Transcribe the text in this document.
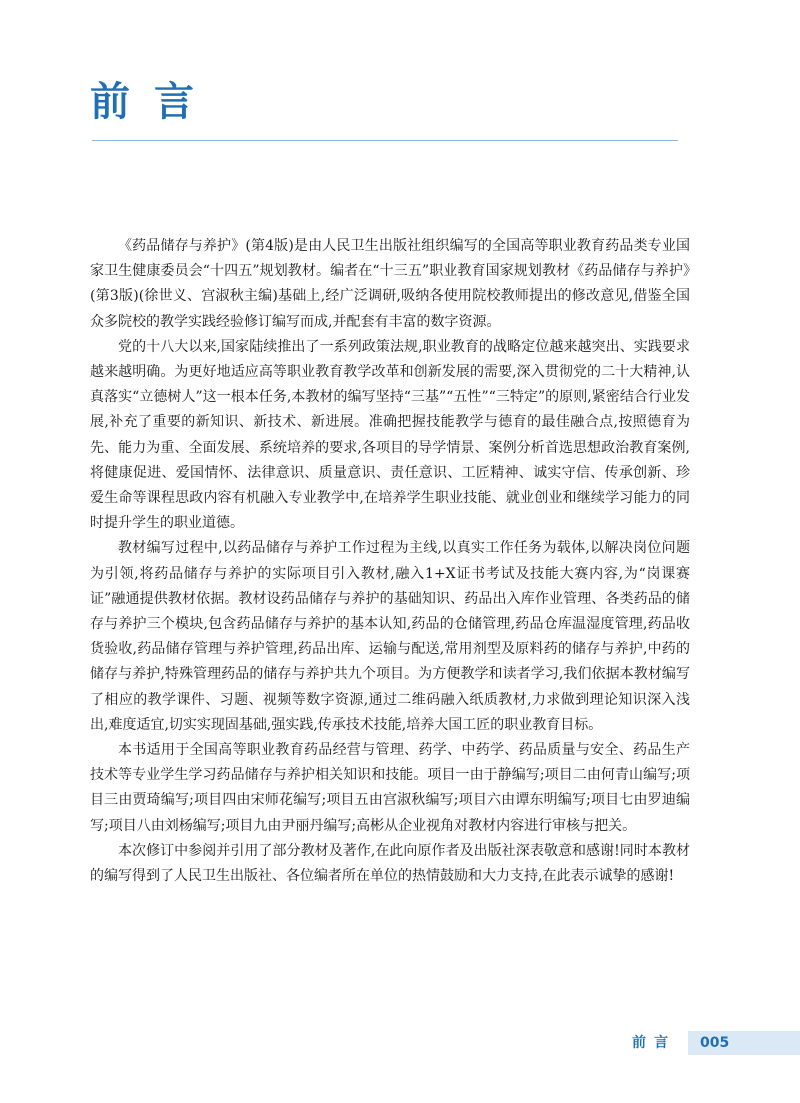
前言

《药品储存与养护》(第4版)是由人民卫生出版社组织编写的全国高等职业教育药品类专业国家卫生健康委员会“十四五”规划教材。编者在“十三五”职业教育国家规划教材《药品储存与养护》(第3版)(徐世义、宫淑秋主编)基础上,经广泛调研,吸纳各使用院校教师提出的修改意见,借鉴全国众多院校的教学实践经验修订编写而成,并配套有丰富的数字资源。

党的十八大以来,国家陆续推出了一系列政策法规,职业教育的战略定位越来越突出、实践要求越来越明确。为更好地适应高等职业教育教学改革和创新发展的需要,深入贯彻党的二十大精神,认真落实“立德树人”这一根本任务,本教材的编写坚持“三基”“五性”“三特定”的原则,紧密结合行业发展,补充了重要的新知识、新技术、新进展。准确把握技能教学与德育的最佳融合点,按照德育为先、能力为重、全面发展、系统培养的要求,各项目的导学情景、案例分析首选思想政治教育案例,将健康促进、爱国情怀、法律意识、质量意识、责任意识、工匠精神、诚实守信、传承创新、珍爱生命等课程思政内容有机融入专业教学中,在培养学生职业技能、就业创业和继续学习能力的同时提升学生的职业道德。

教材编写过程中,以药品储存与养护工作过程为主线,以真实工作任务为载体,以解决岗位问题为引领,将药品储存与养护的实际项目引入教材,融入1+X证书考试及技能大赛内容,为“岗课赛证”融通提供教材依据。教材设药品储存与养护的基础知识、药品出入库作业管理、各类药品的储存与养护三个模块,包含药品储存与养护的基本认知,药品的仓储管理,药品仓库温湿度管理,药品收货验收,药品储存管理与养护管理,药品出库、运输与配送,常用剂型及原料药的储存与养护,中药的储存与养护,特殊管理药品的储存与养护共九个项目。为方便教学和读者学习,我们依据本教材编写了相应的教学课件、习题、视频等数字资源,通过二维码融入纸质教材,力求做到理论知识深入浅出,难度适宜,切实实现固基础,强实践,传承技术技能,培养大国工匠的职业教育目标。

本书适用于全国高等职业教育药品经营与管理、药学、中药学、药品质量与安全、药品生产技术等专业学生学习药品储存与养护相关知识和技能。项目一由于静编写;项目二由何青山编写;项目三由贾琦编写;项目四由宋师花编写;项目五由宫淑秋编写;项目六由谭东明编写;项目七由罗迪编写;项目八由刘杨编写;项目九由尹丽丹编写;高彬从企业视角对教材内容进行审核与把关。

本次修订中参阅并引用了部分教材及著作,在此向原作者及出版社深表敬意和感谢!同时本教材的编写得到了人民卫生出版社、各位编者所在单位的热情鼓励和大力支持,在此表示诚挚的感谢!

前言 005
